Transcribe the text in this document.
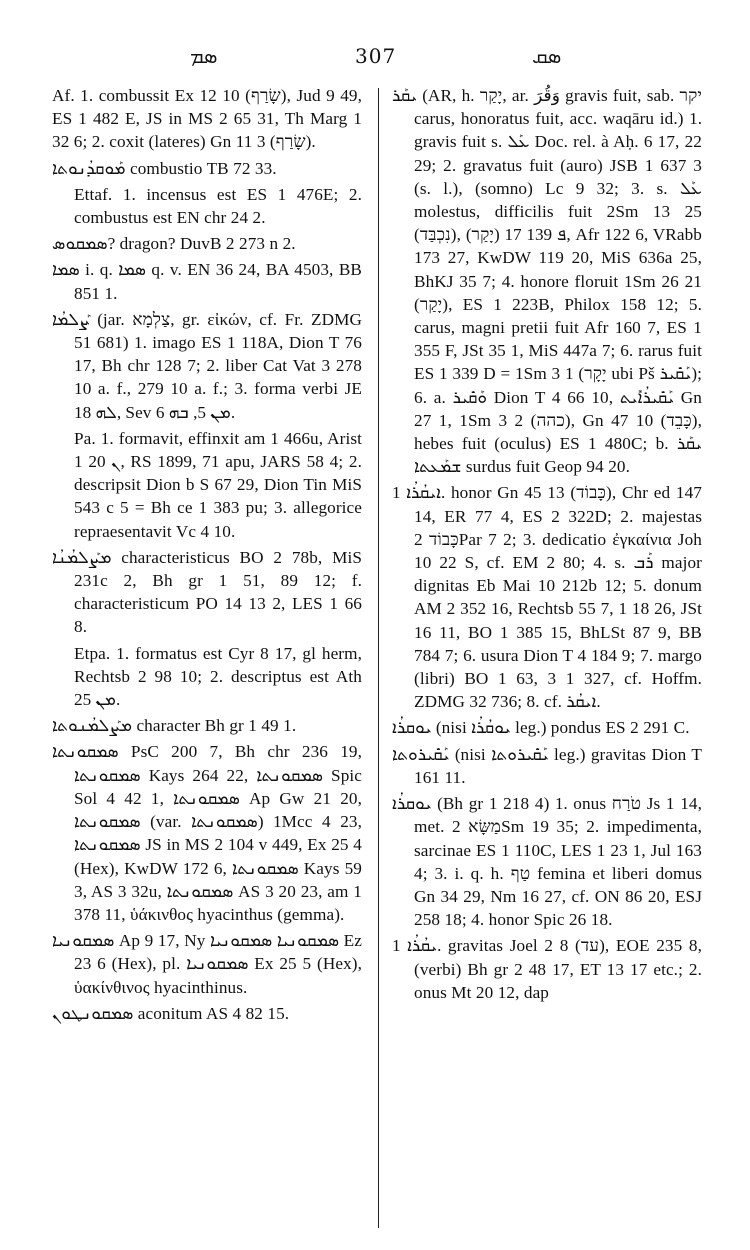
ܣܡ	307	ܣܩ

Af. 1. combussit Ex 12 10 (שָׂרַף), Jud 9 49, ES 1 482 E, JS in MS 2 65 31, Th Marg 1 32 6; 2. coxit (lateres) Gn 11 3 (שָׂרַף).

ܡܰܘܩܕܳܢܘܬܐ combustio TB 72 33.

Ettaf. 1. incensus est ES 1 476E; 2. combustus est EN chr 24 2.

ܣܡܩܘܣ? dragon? DuvB 2 273 n 2.

ܣܡܐ i. q. ܣܡܐ q. v. EN 36 24, BA 4503, BB 851 1.

ܨܰܠܡܳܐ (jar. צַלְמָא, gr. εἰκών, cf. Fr. ZDMG 51 681) 1. imago ES 1 118A, Dion T 76 17, Bh chr 128 7; 2. liber Cat Vat 3 278 10 a. f., 279 10 a. f.; 3. forma verbi JE ܠܗ 18, Sev ܡܢ 5, ܒܗ 6.

Pa. 1. formavit, effinxit am 1 466u, Arist 1 ܢ 20, RS 1899, 71 apu, JARS 58 4; 2. descripsit Dion b S 67 29, Dion Tin MiS 543 c 5 = Bh ce 1 383 pu; 3. allegorice repraesentavit Vc 4 10.

ܡܨܰܠܡܳܢܳܐ characteristicus BO 2 78b, MiS 231c 2, Bh gr 1 51, 89 12; f. characteristicum PO 14 13 2, LES 1 66 8.

Etpa. 1. formatus est Cyr 8 17, gl herm, Rechtsb 2 98 10; 2. descriptus est Ath ܡܢ 25.

ܡܨܰܠܡܳܢܘܬܐ character Bh gr 1 49 1.

ܣܡܩܘܢܬܐ PsC 200 7, Bh chr 236 19, ܣܡܩܘܢܬܐ Kays 264 22, ܣܡܩܘܢܬܐ Spic Sol 4 42 1, ܣܡܩܘܢܬܐ Ap Gw 21 20, ܣܡܩܘܢܬܐ (var. ܣܡܩܘܢܬܐ) 1Mcc 4 23, ܣܡܩܘܢܬܐ JS in MS 2 104 v 449, Ex 25 4 (Hex), KwDW 172 6, ܣܡܩܘܢܬܐ Kays 59 3, AS 3 32u, ܣܡܩܘܢܬܐ AS 3 20 23, am 1 378 11, ὑάκινθος hyacinthus (gemma).

ܣܡܩܘܢܝܐ Ap 9 17, Ny ܣܡܩܘܢܝܐ ܣܡܩܘܢܝܐ Ez 23 6 (Hex), pl. ܣܡܩܘܢܝܐ Ex 25 5 (Hex), ὑακίνθινος hyacinthinus.

ܣܡܩܘܢܛܘܢ aconitum AS 4 82 15.

ܝܩܰܪ (AR, h. יָקַר, ar. وَقُرَ gravis fuit, sab. יקר carus, honoratus fuit, acc. waqāru id.) 1. gravis fuit s. ܥܰܠ Doc. rel. à Aḥ. 6 17, 22 29; 2. gravatus fuit (auro) JSB 1 637 3 (s. l.), (somno) Lc 9 32; 3. s. ܥܰܠ molestus, difficilis fuit 2Sm 13 25 (נִכְבַּד), ܦ 139 17 (יָקַר), Afr 122 6, VRabb 173 27, KwDW 119 20, MiS 636a 25, BhKJ 35 7; 4. honore floruit 1Sm 26 21 (יָקַר), ES 1 223B, Philox 158 12; 5. carus, magni pretii fuit Afr 160 7, ES 1 355 F, JSt 35 1, MiS 447a 7; 6. rarus fuit ES 1 339 D = 1Sm 3 1 (יָקָר ubi Pš ܝܰܩܺܝܪ); 6. a. ܘܰܩܺܝܪ Dion T 4 66 10, ܝܰܩܺܝܪܳܐܺܝܬ Gn 27 1, 1Sm 3 2 (כהה), Gn 47 10 (כָּבֵד), hebes fuit (oculus) ES 1 480C; b. ܝܩܰܪ ܫܡܰܥܬܐ surdus fuit Geop 94 20.

ܐܝܩܳܪܳܐ 1. honor Gn 45 13 (כָּבוֹד), Chr ed 147 14, ER 77 4, ES 2 322D; 2. majestas כָּבוֹד 2Par 7 2; 3. dedicatio ἐγκαίνια Joh 10 22 S, cf. EM 2 80; 4. s. ܪܰܒ major dignitas Eb Mai 10 212b 12; 5. donum AM 2 352 16, Rechtsb 55 7, 1 18 26, JSt 16 11, BO 1 385 15, BhLSt 87 9, BB 784 7; 6. usura Dion T 4 184 9; 7. margo (libri) BO 1 63, 3 1 327, cf. Hoffm. ZDMG 32 736; 8. cf. ܐܝܩܳܪ.

ܝܘܩܪܳܐ (nisi ܝܘܩܳܪܳܐ leg.) pondus ES 2 291 C.

ܝܰܩܺܝܪܘܬܐ (nisi ܝܰܩܺܝܪܘܬܐ leg.) gravitas Dion T 161 11.

ܝܘܩܪܳܐ (Bh gr 1 218 4) 1. onus טֹרַח Js 1 14, met. מַשָּׂא 2Sm 19 35; 2. impedimenta, sarcinae ES 1 110C, LES 1 23 1, Jul 163 4; 3. i. q. h. טַף femina et liberi domus Gn 34 29, Nm 16 27, cf. ON 86 20, ESJ 258 18; 4. honor Spic 26 18.

ܝܩܳܪܳܐ 1. gravitas Joel 2 8 (עד), EOE 235 8, (verbi) Bh gr 2 48 17, ET 13 17 etc.; 2. onus Mt 20 12, dap
